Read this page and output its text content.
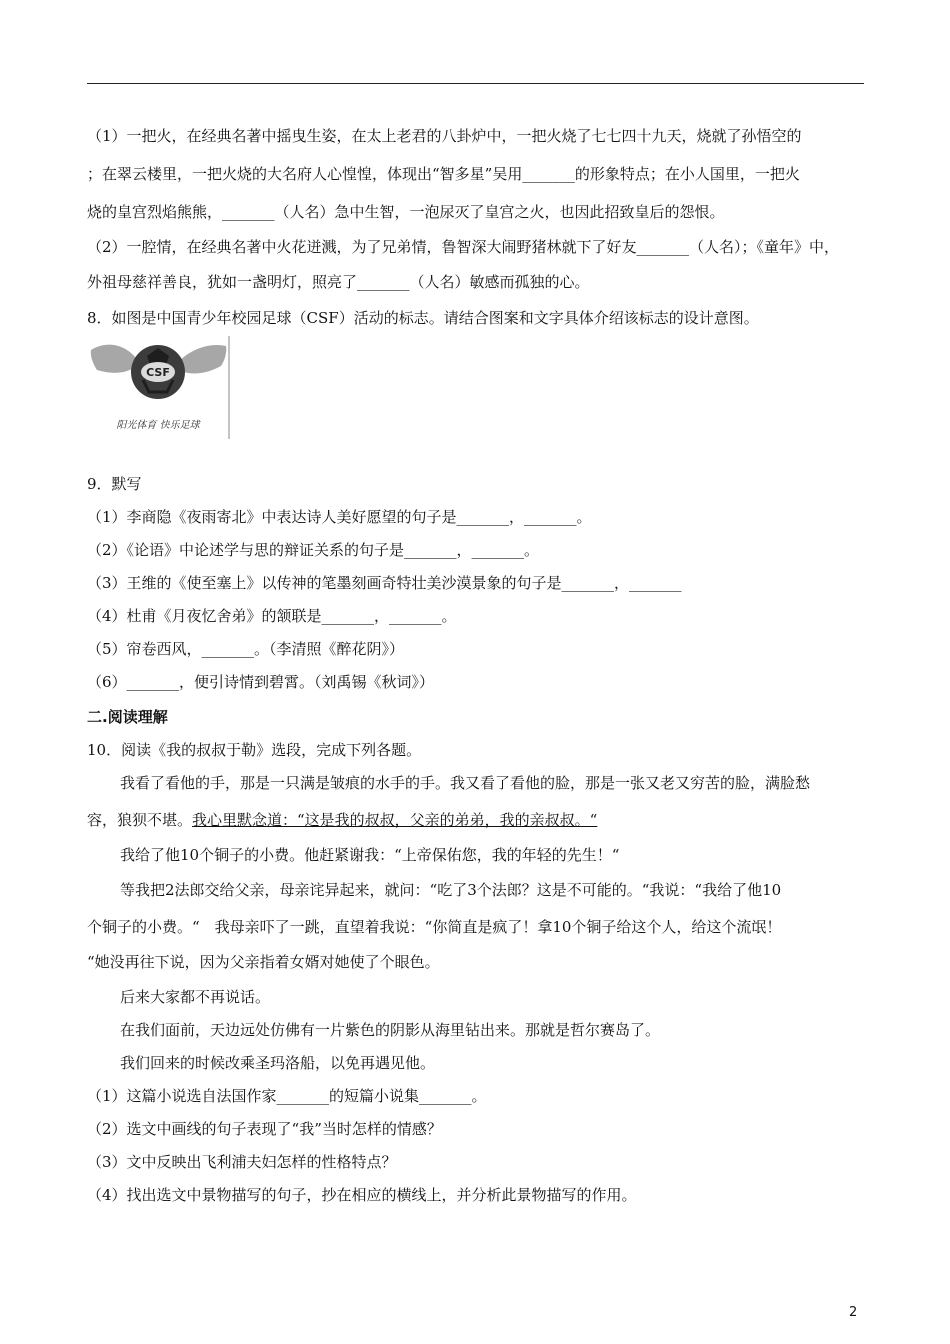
（1）一把火，在经典名著中摇曳生姿，在太上老君的八卦炉中，一把火烧了七七四十九天，烧就了孙悟空的
；在翠云楼里，一把火烧的大名府人心惶惶，体现出“智多星”吴用_______的形象特点；在小人国里，一把火
烧的皇宫烈焰熊熊，_______（人名）急中生智，一泡尿灭了皇宫之火，也因此招致皇后的怨恨。
（2）一腔情，在经典名著中火花迸溅，为了兄弟情，鲁智深大闹野猪林就下了好友_______（人名）；《童年》中，
外祖母慈祥善良，犹如一盏明灯，照亮了_______（人名）敏感而孤独的心。
8．如图是中国青少年校园足球（CSF）活动的标志。请结合图案和文字具体介绍该标志的设计意图。
CSF
阳光体育 快乐足球
9．默写
（1）李商隐《夜雨寄北》中表达诗人美好愿望的句子是_______，_______。
（2）《论语》中论述学与思的辩证关系的句子是_______，_______。
（3）王维的《使至塞上》以传神的笔墨刻画奇特壮美沙漠景象的句子是_______，_______
（4）杜甫《月夜忆舍弟》的颔联是_______，_______。
（5）帘卷西风，_______。（李清照《醉花阴》）
（6）_______，便引诗情到碧霄。（刘禹锡《秋词》）
二.阅读理解
10．阅读《我的叔叔于勒》选段，完成下列各题。
我看了看他的手，那是一只满是皱痕的水手的手。我又看了看他的脸，那是一张又老又穷苦的脸，满脸愁
容，狼狈不堪。我心里默念道：“这是我的叔叔，父亲的弟弟，我的亲叔叔。“
我给了他10个铜子的小费。他赶紧谢我：“上帝保佑您，我的年轻的先生！“
等我把2法郎交给父亲，母亲诧异起来，就问：“吃了3个法郎？这是不可能的。“我说：“我给了他10
个铜子的小费。“　我母亲吓了一跳，直望着我说：“你简直是疯了！拿10个铜子给这个人，给这个流氓！
“她没再往下说，因为父亲指着女婿对她使了个眼色。
后来大家都不再说话。
在我们面前，天边远处仿佛有一片紫色的阴影从海里钻出来。那就是哲尔赛岛了。
我们回来的时候改乘圣玛洛船，以免再遇见他。
（1）这篇小说选自法国作家_______的短篇小说集_______。
（2）选文中画线的句子表现了“我”当时怎样的情感？
（3）文中反映出飞利浦夫妇怎样的性格特点？
（4）找出选文中景物描写的句子，抄在相应的横线上，并分析此景物描写的作用。
2
